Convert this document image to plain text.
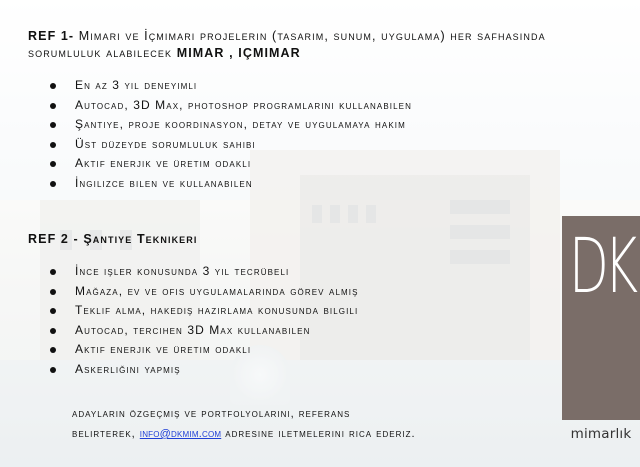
REF 1- Mimari ve İçmimari projelerin (tasarım, sunum, uygulama) her safhasında sorumluluk alabilecek MIMAR , IÇMIMAR

En az 3 yıl deneyimli
Autocad, 3D Max, photoshop programlarını kullanabilen
Şantiye, proje koordinasyon, detay ve uygulamaya hakim
Üst düzeyde sorumluluk sahibi
Aktif enerjik ve üretim odaklı
İngilizce bilen ve kullanabilen

REF 2 - Şantiye Teknikeri

İnce işler konusunda 3 yıl tecrübeli
Mağaza, ev ve ofis uygulamalarında görev almış
Teklif alma, hakediş hazırlama konusunda bilgili
Autocad, tercihen 3D Max kullanabilen
Aktif enerjik ve üretim odaklı
Askerliğini yapmış
adayların özgeçmiş ve portfolyolarını, referans
belirterek, info@dkmim.com adresine iletmelerini rica ederiz.
DK
mimarlık
